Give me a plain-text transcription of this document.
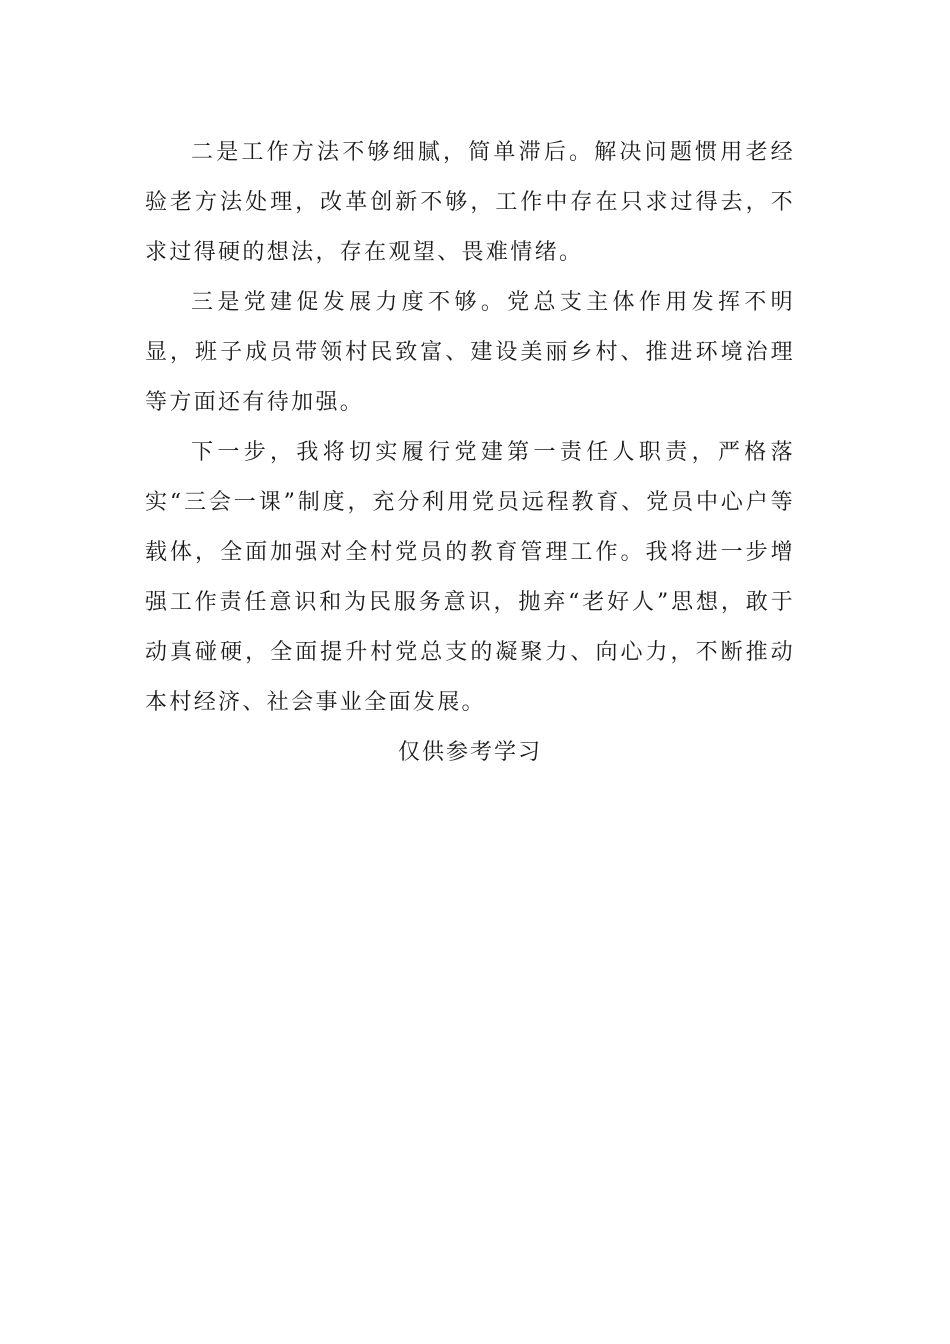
二是工作方法不够细腻，简单滞后。解决问题惯用老经验老方法处理，改革创新不够，工作中存在只求过得去，不求过得硬的想法，存在观望、畏难情绪。

三是党建促发展力度不够。党总支主体作用发挥不明显，班子成员带领村民致富、建设美丽乡村、推进环境治理等方面还有待加强。

下一步，我将切实履行党建第一责任人职责，严格落实“三会一课”制度，充分利用党员远程教育、党员中心户等载体，全面加强对全村党员的教育管理工作。我将进一步增强工作责任意识和为民服务意识，抛弃“老好人”思想，敢于动真碰硬，全面提升村党总支的凝聚力、向心力，不断推动本村经济、社会事业全面发展。

仅供参考学习
